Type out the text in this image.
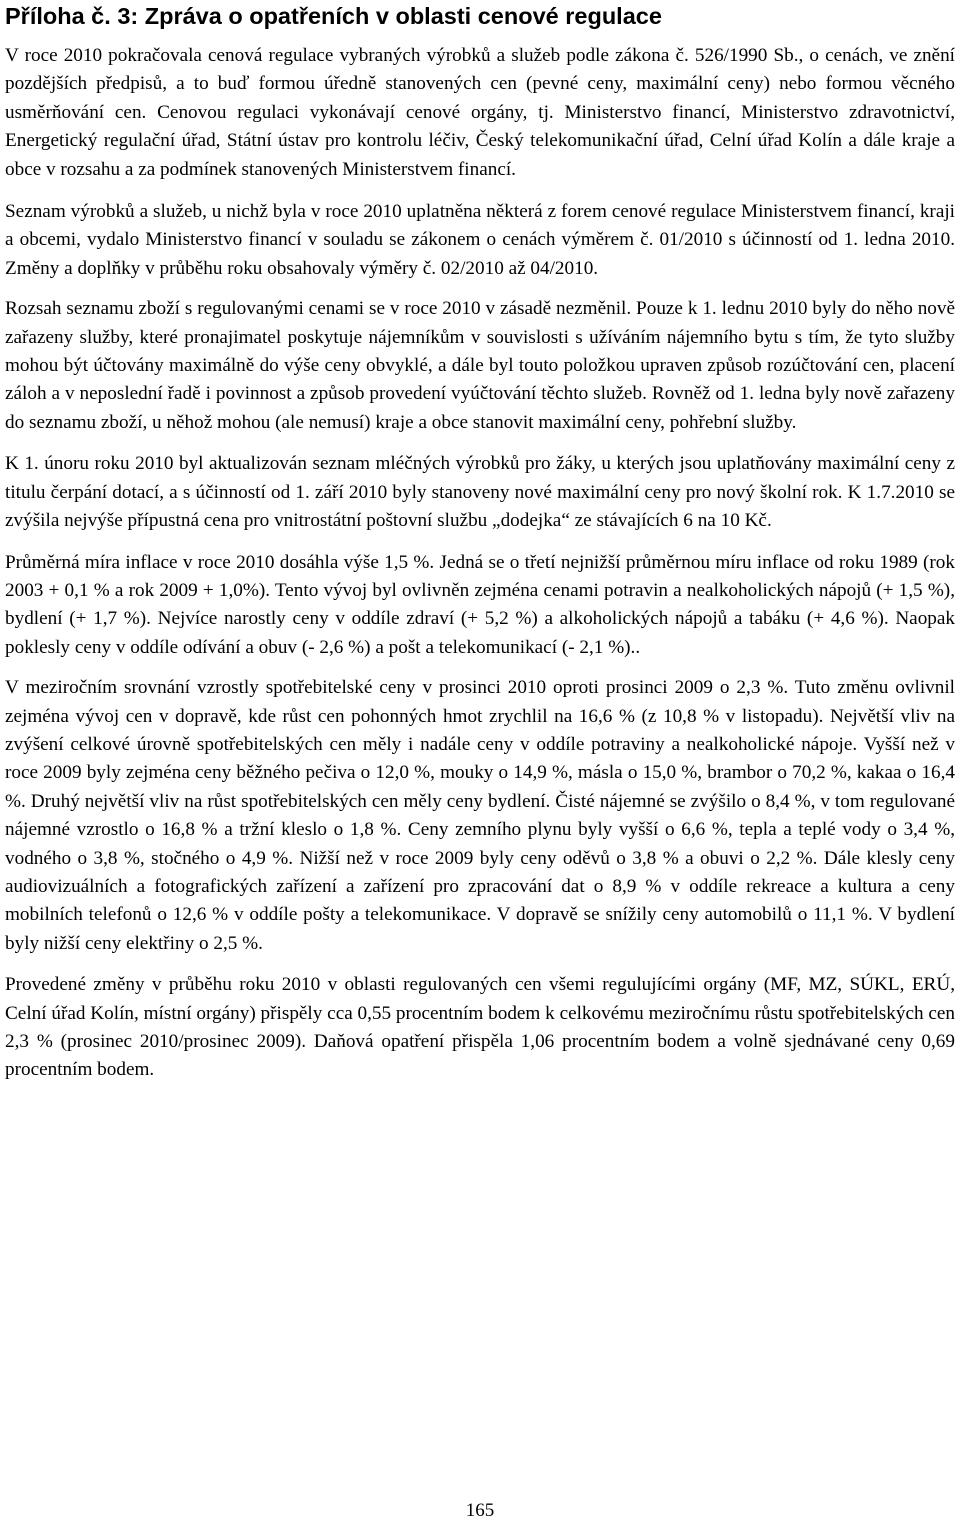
Příloha č. 3: Zpráva o opatřeních v oblasti cenové regulace

V roce 2010 pokračovala cenová regulace vybraných výrobků a služeb podle zákona č. 526/1990 Sb., o cenách, ve znění pozdějších předpisů, a to buď formou úředně stanovených cen (pevné ceny, maximální ceny) nebo formou věcného usměrňování cen. Cenovou regulaci vykonávají cenové orgány, tj. Ministerstvo financí, Ministerstvo zdravotnictví, Energetický regulační úřad, Státní ústav pro kontrolu léčiv, Český telekomunikační úřad, Celní úřad Kolín a dále kraje a obce v rozsahu a za podmínek stanovených Ministerstvem financí.

Seznam výrobků a služeb, u nichž byla v roce 2010 uplatněna některá z forem cenové regulace Ministerstvem financí, kraji a obcemi, vydalo Ministerstvo financí v souladu se zákonem o cenách výměrem č. 01/2010 s účinností od 1. ledna 2010. Změny a doplňky v průběhu roku obsahovaly výměry č. 02/2010 až 04/2010.

Rozsah seznamu zboží s regulovanými cenami se v roce 2010 v zásadě nezměnil. Pouze k 1. lednu 2010 byly do něho nově zařazeny služby, které pronajimatel poskytuje nájemníkům v souvislosti s užíváním nájemního bytu s tím, že tyto služby mohou být účtovány maximálně do výše ceny obvyklé, a dále byl touto položkou upraven způsob rozúčtování cen, placení záloh a v neposlední řadě i povinnost a způsob provedení vyúčtování těchto služeb. Rovněž od 1. ledna byly nově zařazeny do seznamu zboží, u něhož mohou (ale nemusí) kraje a obce stanovit maximální ceny, pohřební služby.

K 1. únoru roku 2010 byl aktualizován seznam mléčných výrobků pro žáky, u kterých jsou uplatňovány maximální ceny z titulu čerpání dotací, a s účinností od 1. září 2010 byly stanoveny nové maximální ceny pro nový školní rok. K 1.7.2010 se zvýšila nejvýše přípustná cena pro vnitrostátní poštovní službu „dodejka“ ze stávajících 6 na 10 Kč.

Průměrná míra inflace v roce 2010 dosáhla výše 1,5 %. Jedná se o třetí nejnižší průměrnou míru inflace od roku 1989 (rok 2003 + 0,1 % a rok 2009 + 1,0%). Tento vývoj byl ovlivněn zejména cenami potravin a nealkoholických nápojů (+ 1,5 %), bydlení (+ 1,7 %). Nejvíce narostly ceny v oddíle zdraví (+ 5,2 %) a alkoholických nápojů a tabáku (+ 4,6 %). Naopak poklesly ceny v oddíle odívání a obuv (- 2,6 %) a pošt a telekomunikací (- 2,1 %)..

V meziročním srovnání vzrostly spotřebitelské ceny v prosinci 2010 oproti prosinci 2009 o 2,3 %. Tuto změnu ovlivnil zejména vývoj cen v dopravě, kde růst cen pohonných hmot zrychlil na 16,6 % (z 10,8 % v listopadu). Největší vliv na zvýšení celkové úrovně spotřebitelských cen měly i nadále ceny v oddíle potraviny a nealkoholické nápoje. Vyšší než v roce 2009 byly zejména ceny běžného pečiva o 12,0 %, mouky o 14,9 %, másla o 15,0 %, brambor o 70,2 %, kakaa o 16,4 %. Druhý největší vliv na růst spotřebitelských cen měly ceny bydlení. Čisté nájemné se zvýšilo o 8,4 %, v tom regulované nájemné vzrostlo o 16,8 % a tržní kleslo o 1,8 %. Ceny zemního plynu byly vyšší o 6,6 %, tepla a teplé vody o 3,4 %, vodného o 3,8 %, stočného o 4,9 %. Nižší než v roce 2009 byly ceny oděvů o 3,8 % a obuvi o 2,2 %. Dále klesly ceny audiovizuálních a fotografických zařízení a zařízení pro zpracování dat o 8,9 % v oddíle rekreace a kultura a ceny mobilních telefonů o 12,6 % v oddíle pošty a telekomunikace. V dopravě se snížily ceny automobilů o 11,1 %. V bydlení byly nižší ceny elektřiny o 2,5 %.

Provedené změny v průběhu roku 2010 v oblasti regulovaných cen všemi regulujícími orgány (MF, MZ, SÚKL, ERÚ, Celní úřad Kolín, místní orgány) přispěly cca 0,55 procentním bodem k celkovému meziročnímu růstu spotřebitelských cen 2,3 % (prosinec 2010/prosinec 2009). Daňová opatření přispěla 1,06 procentním bodem a volně sjednávané ceny 0,69 procentním bodem.

165
